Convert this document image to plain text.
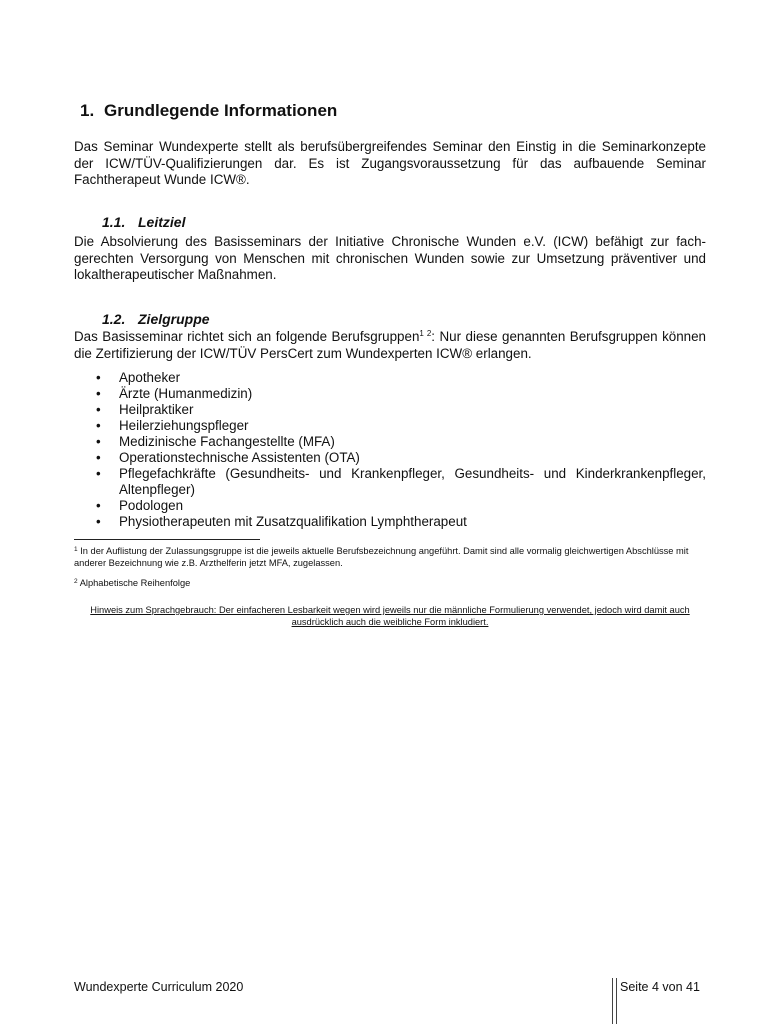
1. Grundlegende Informationen

Das Seminar Wundexperte stellt als berufsübergreifendes Seminar den Einstig in die Seminarkonzepte der ICW/TÜV-Qualifizierungen dar. Es ist Zugangsvoraussetzung für das aufbauende Seminar Fachtherapeut Wunde ICW®.

1.1. Leitziel

Die Absolvierung des Basisseminars der Initiative Chronische Wunden e.V. (ICW) befähigt zur fachgerechten Versorgung von Menschen mit chronischen Wunden sowie zur Umsetzung präventiver und lokaltherapeutischer Maßnahmen.

1.2. Zielgruppe

Das Basisseminar richtet sich an folgende Berufsgruppen$^{1 2}$: Nur diese genannten Berufsgruppen können die Zertifizierung der ICW/TÜV PersCert zum Wundexperten ICW® erlangen.

•	Apotheker
•	Ärzte (Humanmedizin)
•	Heilpraktiker
•	Heilerziehungspfleger
•	Medizinische Fachangestellte (MFA)
•	Operationstechnische Assistenten (OTA)
•	Pflegefachkräfte (Gesundheits- und Krankenpfleger, Gesundheits- und Kinderkrankenpfleger, Altenpfleger)
•	Podologen
•	Physiotherapeuten mit Zusatzqualifikation Lymphtherapeut

$^1$ In der Auflistung der Zulassungsgruppe ist die jeweils aktuelle Berufsbezeichnung angeführt. Damit sind alle vormalig gleichwertigen Abschlüsse mit anderer Bezeichnung wie z.B. Arzthelferin jetzt MFA, zugelassen.

$^2$ Alphabetische Reihenfolge

Hinweis zum Sprachgebrauch: Der einfacheren Lesbarkeit wegen wird jeweils nur die männliche Formulierung verwendet, jedoch wird damit auch ausdrücklich auch die weibliche Form inkludiert.

Wundexperte Curriculum 2020	Seite 4 von 41
